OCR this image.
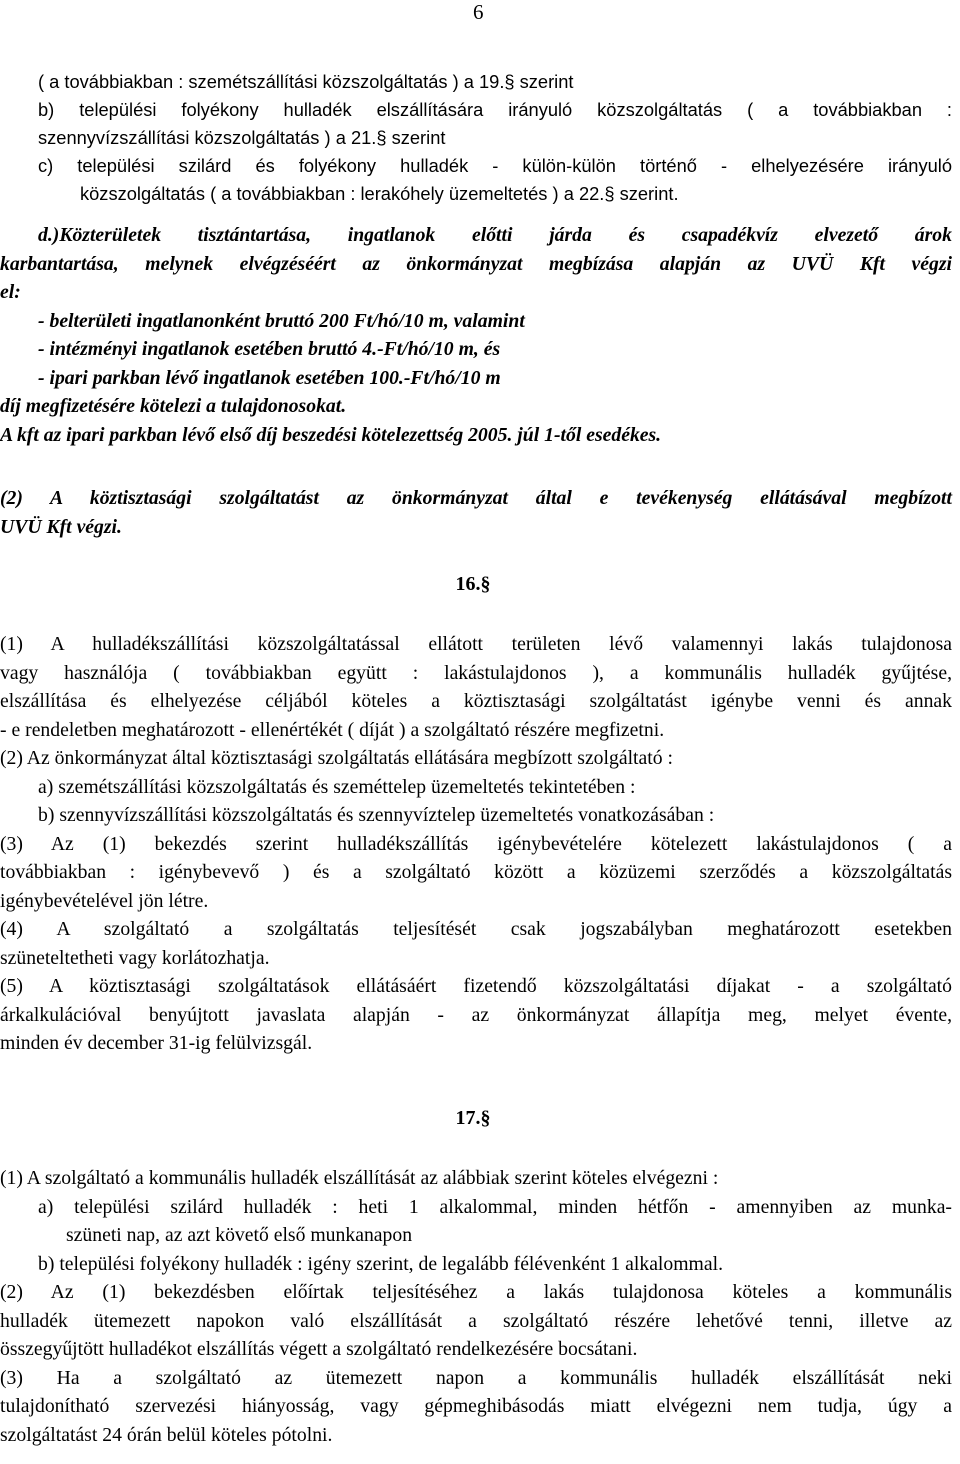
6

( a továbbiakban : szemétszállítási közszolgáltatás ) a 19.§ szerint

b) települési folyékony hulladék elszállítására irányuló közszolgáltatás ( a továbbiakban :

szennyvízszállítási közszolgáltatás ) a 21.§ szerint

c) települési szilárd és folyékony hulladék - külön-külön történő - elhelyezésére irányuló

közszolgáltatás ( a továbbiakban : lerakóhely üzemeltetés ) a 22.§ szerint.

d.)Közterületek tisztántartása, ingatlanok előtti járda és csapadékvíz elvezető árok

karbantartása, melynek elvégzéséért az önkormányzat megbízása alapján az UVÜ Kft végzi

el:

- belterületi ingatlanonként bruttó 200 Ft/hó/10 m, valamint

- intézményi ingatlanok esetében bruttó 4.-Ft/hó/10 m, és

- ipari parkban lévő ingatlanok esetében 100.-Ft/hó/10 m

díj megfizetésére kötelezi a tulajdonosokat.

A kft az ipari parkban lévő első díj beszedési kötelezettség 2005. júl 1-től esedékes.

(2) A köztisztasági szolgáltatást az önkormányzat által e tevékenység ellátásával megbízott

UVÜ Kft végzi.

16.§

(1) A hulladékszállítási közszolgáltatással ellátott területen lévő valamennyi lakás tulajdonosa

vagy használója ( továbbiakban együtt : lakástulajdonos ), a kommunális hulladék gyűjtése,

elszállítása és elhelyezése céljából köteles a köztisztasági szolgáltatást igénybe venni és annak

- e rendeletben meghatározott - ellenértékét ( díját ) a szolgáltató részére megfizetni.

(2) Az önkormányzat által köztisztasági szolgáltatás ellátására megbízott szolgáltató :

a) szemétszállítási közszolgáltatás és szeméttelep üzemeltetés tekintetében :

b) szennyvízszállítási közszolgáltatás és szennyvíztelep üzemeltetés vonatkozásában :

(3) Az (1) bekezdés szerint hulladékszállítás igénybevételére kötelezett lakástulajdonos ( a

továbbiakban : igénybevevő ) és a szolgáltató között a közüzemi szerződés a közszolgáltatás

igénybevételével jön létre.

(4) A szolgáltató a szolgáltatás teljesítését csak jogszabályban meghatározott esetekben

szüneteltetheti vagy korlátozhatja.

(5) A köztisztasági szolgáltatások ellátásáért fizetendő közszolgáltatási díjakat - a szolgáltató

árkalkulációval benyújtott javaslata alapján - az önkormányzat állapítja meg, melyet évente,

minden év december 31-ig felülvizsgál.

17.§

(1) A szolgáltató a kommunális hulladék elszállítását az alábbiak szerint köteles elvégezni :

a) települési szilárd hulladék : heti 1 alkalommal, minden hétfőn - amennyiben az munka-

szüneti nap, az azt követő első munkanapon

b) települési folyékony hulladék : igény szerint, de legalább félévenként 1 alkalommal.

(2) Az (1) bekezdésben előírtak teljesítéséhez a lakás tulajdonosa köteles a kommunális

hulladék ütemezett napokon való elszállítását a szolgáltató részére lehetővé tenni, illetve az

összegyűjtött hulladékot elszállítás végett a szolgáltató rendelkezésére bocsátani.

(3) Ha a szolgáltató az ütemezett napon a kommunális hulladék elszállítását neki

tulajdonítható szervezési hiányosság, vagy gépmeghibásodás miatt elvégezni nem tudja, úgy a

szolgáltatást 24 órán belül köteles pótolni.
